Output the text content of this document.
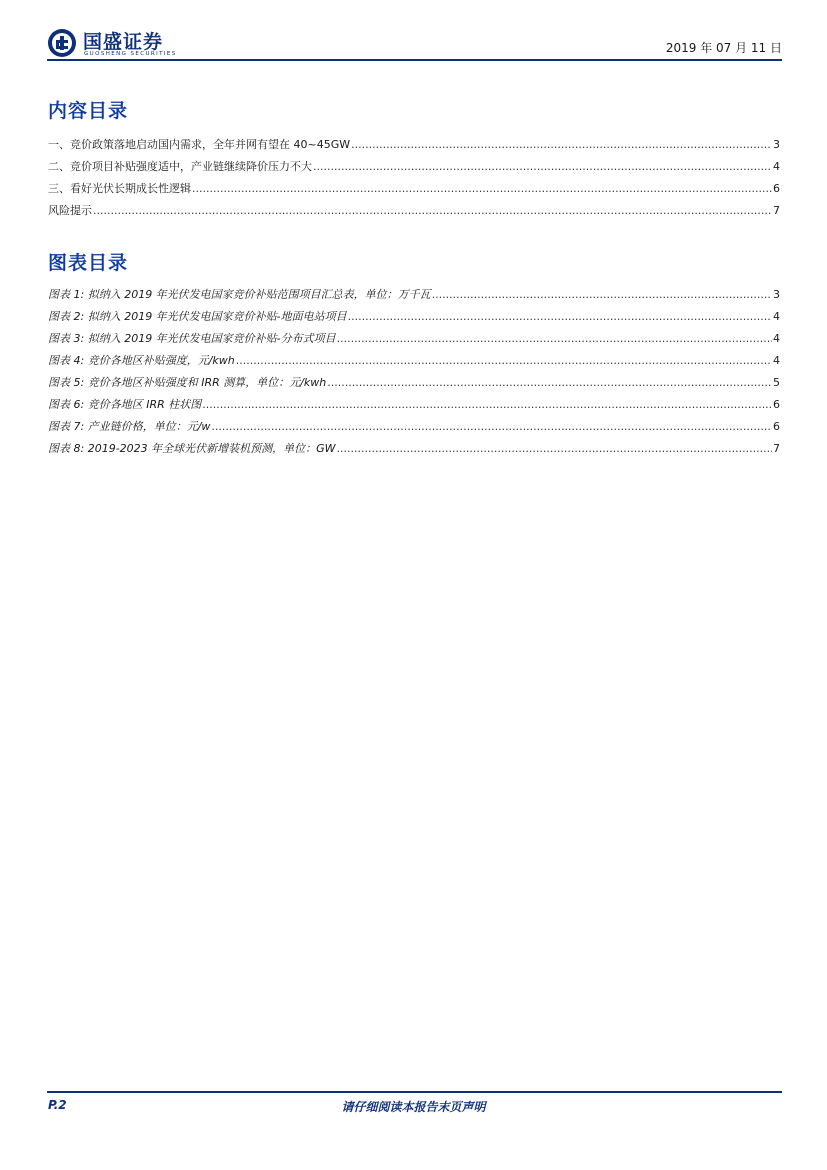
国盛证券
GUOSHENG SECURITIES	2019 年 07 月 11 日
内容目录
一、竞价政策落地启动国内需求，全年并网有望在 40~45GW .....	3
二、竞价项目补贴强度适中，产业链继续降价压力不大 .....	4
三、看好光伏长期成长性逻辑 .....	6
风险提示 .....	7
图表目录
图表 1: 拟纳入 2019 年光伏发电国家竞价补贴范围项目汇总表，单位：万千瓦 .....	3
图表 2: 拟纳入 2019 年光伏发电国家竞价补贴-地面电站项目 .....	4
图表 3: 拟纳入 2019 年光伏发电国家竞价补贴-分布式项目 .....	4
图表 4: 竞价各地区补贴强度，元/kwh .....	4
图表 5: 竞价各地区补贴强度和 IRR 测算，单位：元/kwh .....	5
图表 6: 竞价各地区 IRR 柱状图 .....	6
图表 7: 产业链价格，单位：元/w .....	6
图表 8: 2019-2023 年全球光伏新增装机预测，单位：GW .....	7
请仔细阅读本报告末页声明
P.2
